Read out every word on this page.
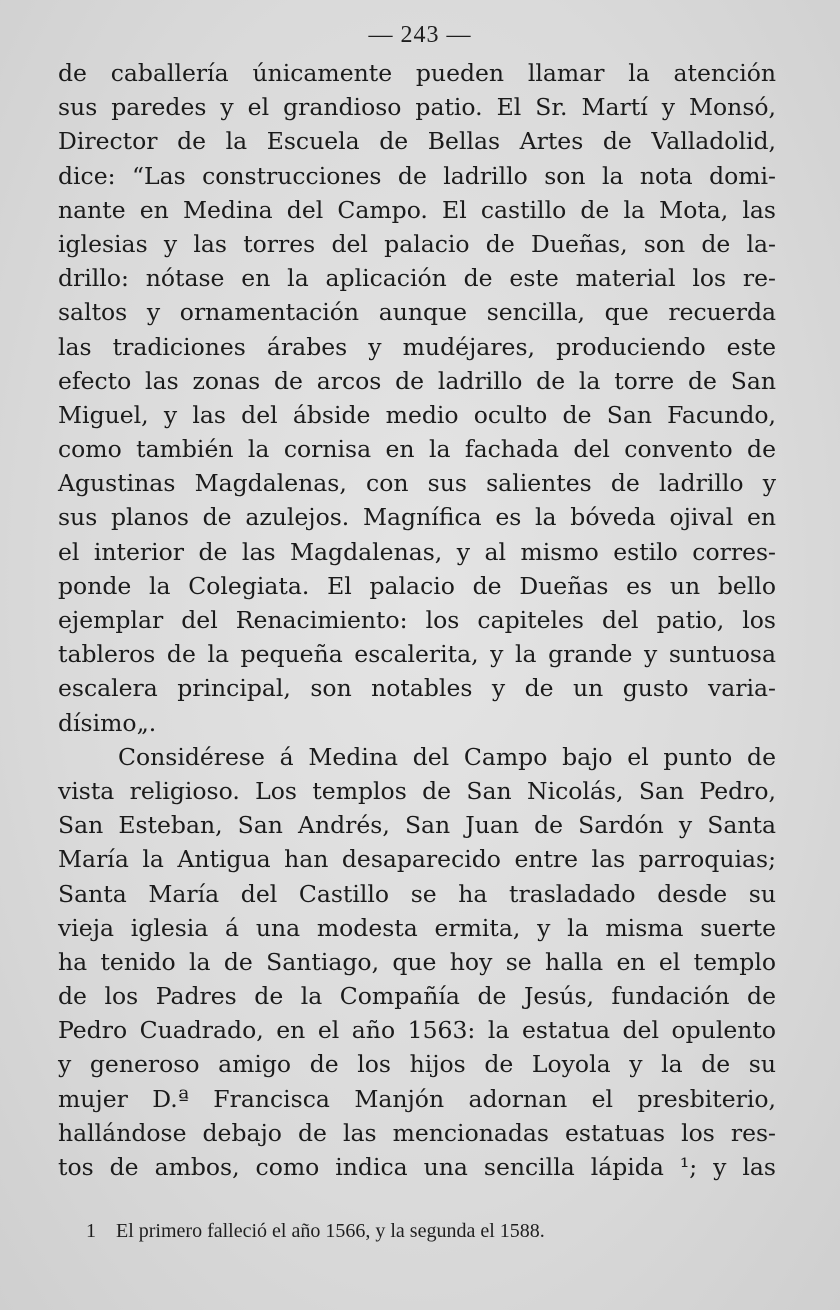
— 243 —
de caballería únicamente pueden llamar la atención
sus paredes y el grandioso patio. El Sr. Martí y Monsó,
Director de la Escuela de Bellas Artes de Valladolid,
dice: “Las construcciones de ladrillo son la nota domi-
nante en Medina del Campo. El castillo de la Mota, las
iglesias y las torres del palacio de Dueñas, son de la-
drillo: nótase en la aplicación de este material los re-
saltos y ornamentación aunque sencilla, que recuerda
las tradiciones árabes y mudéjares, produciendo este
efecto las zonas de arcos de ladrillo de la torre de San
Miguel, y las del ábside medio oculto de San Facundo,
como también la cornisa en la fachada del convento de
Agustinas Magdalenas, con sus salientes de ladrillo y
sus planos de azulejos. Magnífica es la bóveda ojival en
el interior de las Magdalenas, y al mismo estilo corres-
ponde la Colegiata. El palacio de Dueñas es un bello
ejemplar del Renacimiento: los capiteles del patio, los
tableros de la pequeña escalerita, y la grande y suntuosa
escalera principal, son notables y de un gusto varia-
dísimo„.
Considérese á Medina del Campo bajo el punto de
vista religioso. Los templos de San Nicolás, San Pedro,
San Esteban, San Andrés, San Juan de Sardón y Santa
María la Antigua han desaparecido entre las parroquias;
Santa María del Castillo se ha trasladado desde su
vieja iglesia á una modesta ermita, y la misma suerte
ha tenido la de Santiago, que hoy se halla en el templo
de los Padres de la Compañía de Jesús, fundación de
Pedro Cuadrado, en el año 1563: la estatua del opulento
y generoso amigo de los hijos de Loyola y la de su
mujer D.ª Francisca Manjón adornan el presbiterio,
hallándose debajo de las mencionadas estatuas los res-
tos de ambos, como indica una sencilla lápida ¹; y las
1 El primero falleció el año 1566, y la segunda el 1588.
